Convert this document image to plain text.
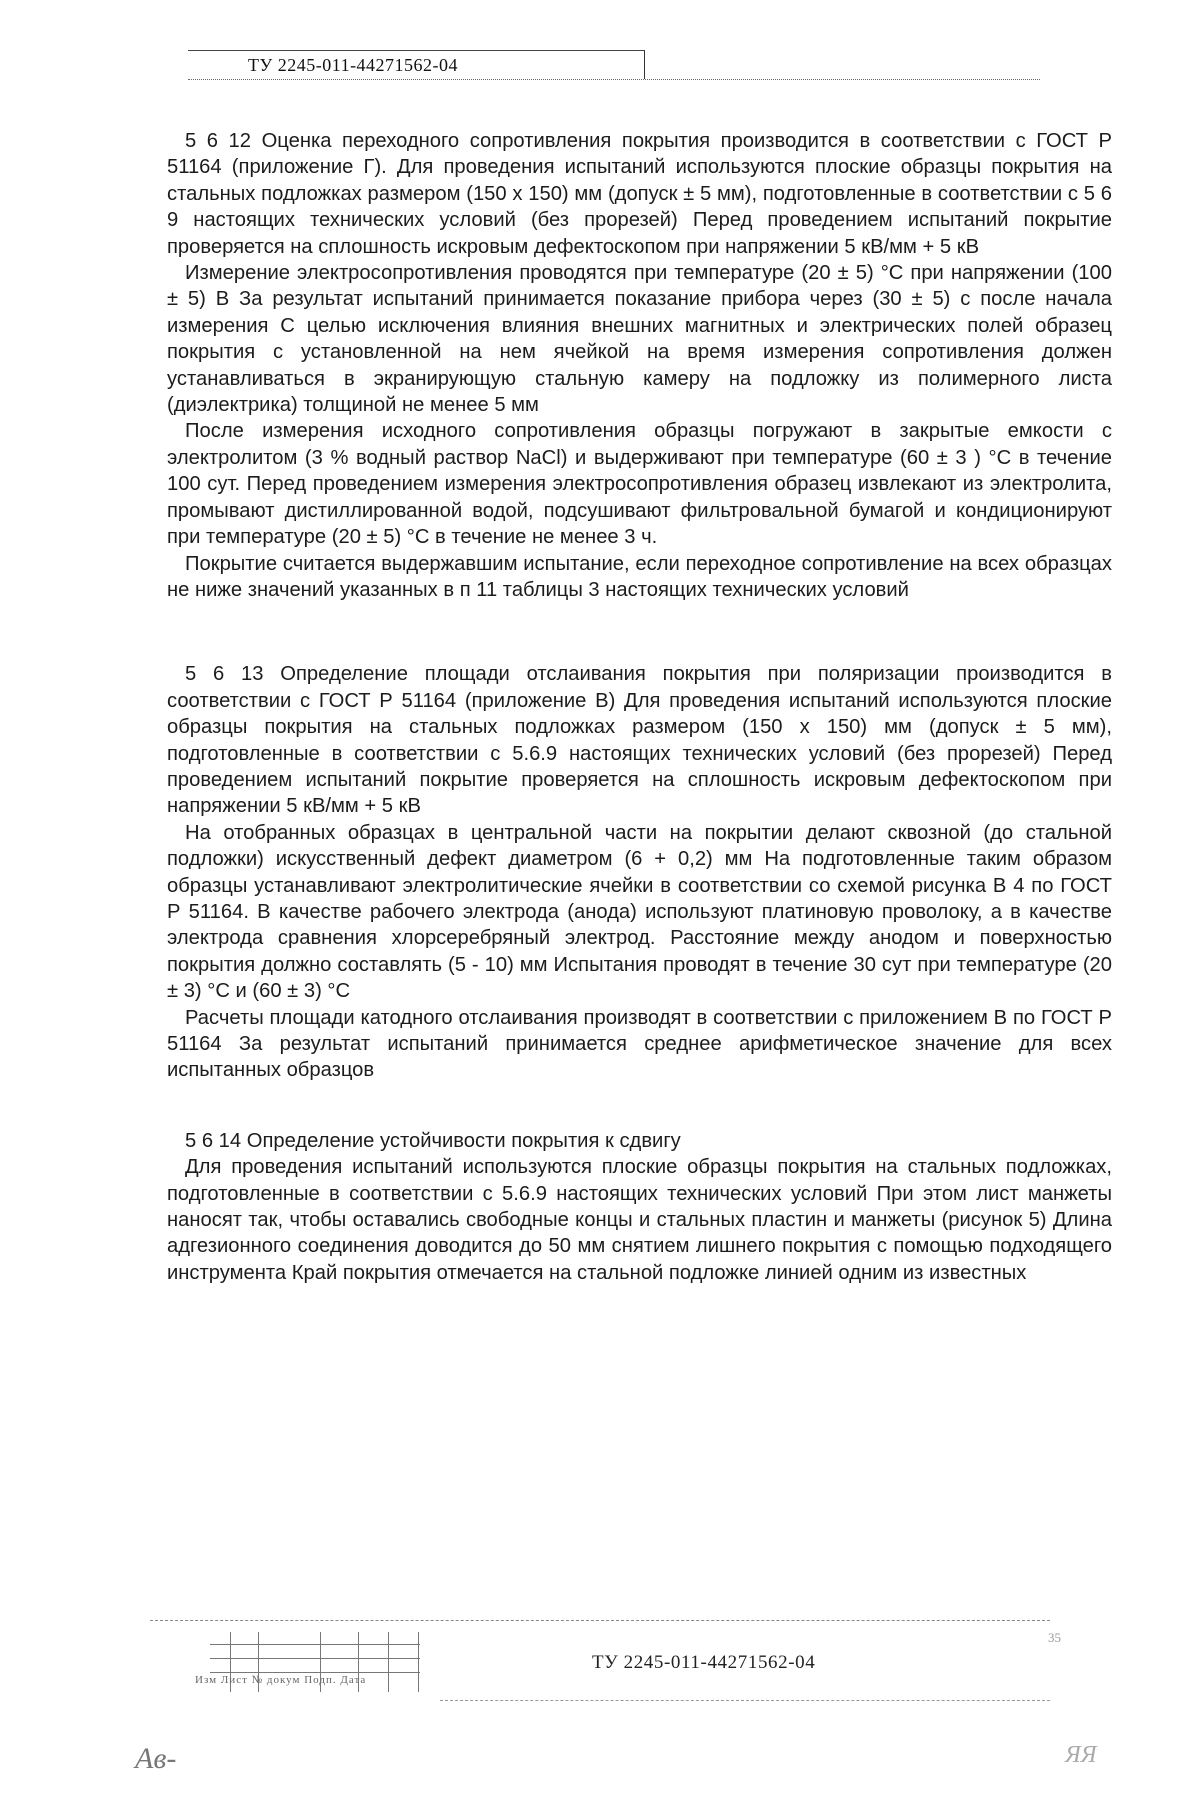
ТУ 2245-011-44271562-04

5 6 12 Оценка переходного сопротивления покрытия производится в соответствии с ГОСТ Р 51164 (приложение Г). Для проведения испытаний используются плоские образцы покрытия на стальных подложках размером (150 x 150) мм (допуск ± 5 мм), подготовленные в соответствии с 5 6 9 настоящих технических условий (без прорезей) Перед проведением испытаний покрытие проверяется на сплошность искровым дефектоскопом при напряжении 5 кВ/мм + 5 кВ

Измерение электросопротивления проводятся при температуре (20 ± 5) °С при напряжении (100 ± 5) В За результат испытаний принимается показание прибора через (30 ± 5) с после начала измерения С целью исключения влияния внешних магнитных и электрических полей образец покрытия с установленной на нем ячейкой на время измерения сопротивления должен устанавливаться в экранирующую стальную камеру на подложку из полимерного листа (диэлектрика) толщиной не менее 5 мм

После измерения исходного сопротивления образцы погружают в закрытые емкости с электролитом (3 % водный раствор NaCl) и выдерживают при температуре (60 ± 3 ) °С в течение 100 сут. Перед проведением измерения электросопротивления образец извлекают из электролита, промывают дистиллированной водой, подсушивают фильтровальной бумагой и кондиционируют при температуре (20 ± 5) °С в течение не менее 3 ч.

Покрытие считается выдержавшим испытание, если переходное сопротивление на всех образцах не ниже значений указанных в п 11 таблицы 3 настоящих технических условий

5 6 13 Определение площади отслаивания покрытия при поляризации производится в соответствии с ГОСТ Р 51164 (приложение В) Для проведения испытаний используются плоские образцы покрытия на стальных подложках размером (150 x 150) мм (допуск ± 5 мм), подготовленные в соответствии с 5.6.9 настоящих технических условий (без прорезей) Перед проведением испытаний покрытие проверяется на сплошность искровым дефектоскопом при напряжении 5 кВ/мм + 5 кВ

На отобранных образцах в центральной части на покрытии делают сквозной (до стальной подложки) искусственный дефект диаметром (6 + 0,2) мм На подготовленные таким образом образцы устанавливают электролитические ячейки в соответствии со схемой рисунка В 4 по ГОСТ Р 51164. В качестве рабочего электрода (анода) используют платиновую проволоку, а в качестве электрода сравнения хлорсеребряный электрод. Расстояние между анодом и поверхностью покрытия должно составлять (5 - 10) мм Испытания проводят в течение 30 сут при температуре (20 ± 3) °С и (60 ± 3) °С

Расчеты площади катодного отслаивания производят в соответствии с приложением В по ГОСТ Р 51164 За результат испытаний принимается среднее арифметическое значение для всех испытанных образцов

5 6 14 Определение устойчивости покрытия к сдвигу

Для проведения испытаний используются плоские образцы покрытия на стальных подложках, подготовленные в соответствии с 5.6.9 настоящих технических условий При этом лист манжеты наносят так, чтобы оставались свободные концы и стальных пластин и манжеты (рисунок 5) Длина адгезионного соединения доводится до 50 мм снятием лишнего покрытия с помощью подходящего инструмента Край покрытия отмечается на стальной подложке линией одним из известных

Изм Лист № докум Подп. Дата
ТУ 2245-011-44271562-04
35
Ав-	ЯЯ
